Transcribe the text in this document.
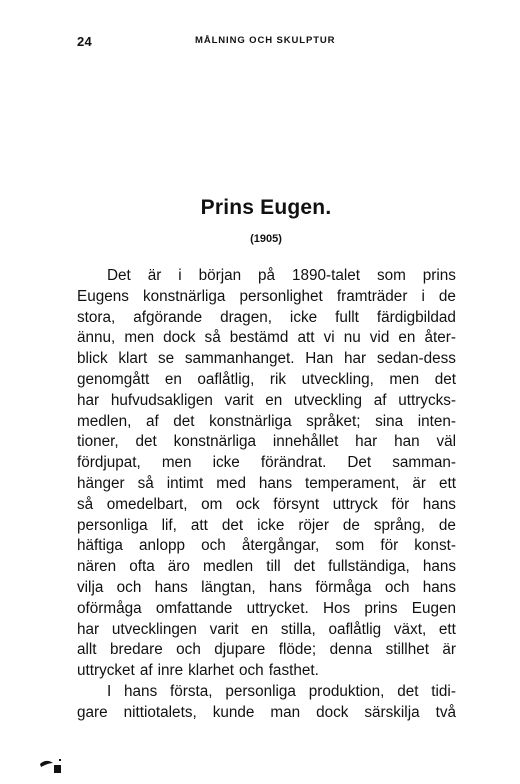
24	MÅLNING OCH SKULPTUR
Prins Eugen.
(1905)
Det är i början på 1890-talet som prins
Eugens konstnärliga personlighet framträder i de
stora, afgörande dragen, icke fullt färdigbildad
ännu, men dock så bestämd att vi nu vid en åter-
blick klart se sammanhanget. Han har sedan-dess
genomgått en oaflåtlig, rik utveckling, men det
har hufvudsakligen varit en utveckling af uttrycks-
medlen, af det konstnärliga språket; sina inten-
tioner, det konstnärliga innehållet har han väl
fördjupat, men icke förändrat. Det samman-
hänger så intimt med hans temperament, är ett
så omedelbart, om ock försynt uttryck för hans
personliga lif, att det icke röjer de språng, de
häftiga anlopp och återgångar, som för konst-
nären ofta äro medlen till det fullständiga, hans
vilja och hans längtan, hans förmåga och hans
oförmåga omfattande uttrycket. Hos prins Eugen
har utvecklingen varit en stilla, oaflåtlig växt, ett
allt bredare och djupare flöde; denna stillhet är
uttrycket af inre klarhet och fasthet.
I hans första, personliga produktion, det tidi-
gare nittiotalets, kunde man dock särskilja två
